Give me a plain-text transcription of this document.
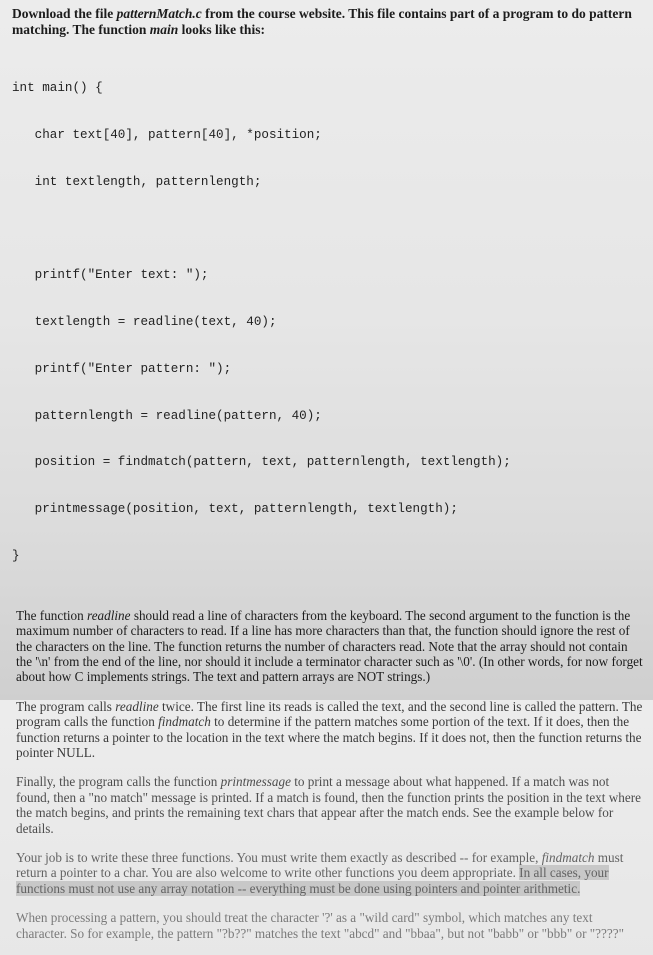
Download the file patternMatch.c from the course website. This file contains part of a program to do pattern matching. The function main looks like this:

int main() {

char text[40], pattern[40], *position;

int textlength, patternlength;

printf("Enter text: ");

textlength = readline(text, 40);

printf("Enter pattern: ");

patternlength = readline(pattern, 40);

position = findmatch(pattern, text, patternlength, textlength);

printmessage(position, text, patternlength, textlength);

}

The function readline should read a line of characters from the keyboard. The second argument to the function is the maximum number of characters to read. If a line has more characters than that, the function should ignore the rest of the characters on the line. The function returns the number of characters read. Note that the array should not contain the '\n' from the end of the line, nor should it include a terminator character such as '\0'. (In other words, for now forget about how C implements strings. The text and pattern arrays are NOT strings.)
The program calls readline twice. The first line its reads is called the text, and the second line is called the pattern. The program calls the function findmatch to determine if the pattern matches some portion of the text. If it does, then the function returns a pointer to the location in the text where the match begins. If it does not, then the function returns the pointer NULL.
Finally, the program calls the function printmessage to print a message about what happened. If a match was not found, then a "no match" message is printed. If a match is found, then the function prints the position in the text where the match begins, and prints the remaining text chars that appear after the match ends. See the example below for details.
Your job is to write these three functions. You must write them exactly as described -- for example, findmatch must return a pointer to a char. You are also welcome to write other functions you deem appropriate. In all cases, your functions must not use any array notation -- everything must be done using pointers and pointer arithmetic.
When processing a pattern, you should treat the character '?' as a "wild card" symbol, which matches any text character. So for example, the pattern "?b??" matches the text "abcd" and "bbaa", but not "babb" or "bbb" or "????"
